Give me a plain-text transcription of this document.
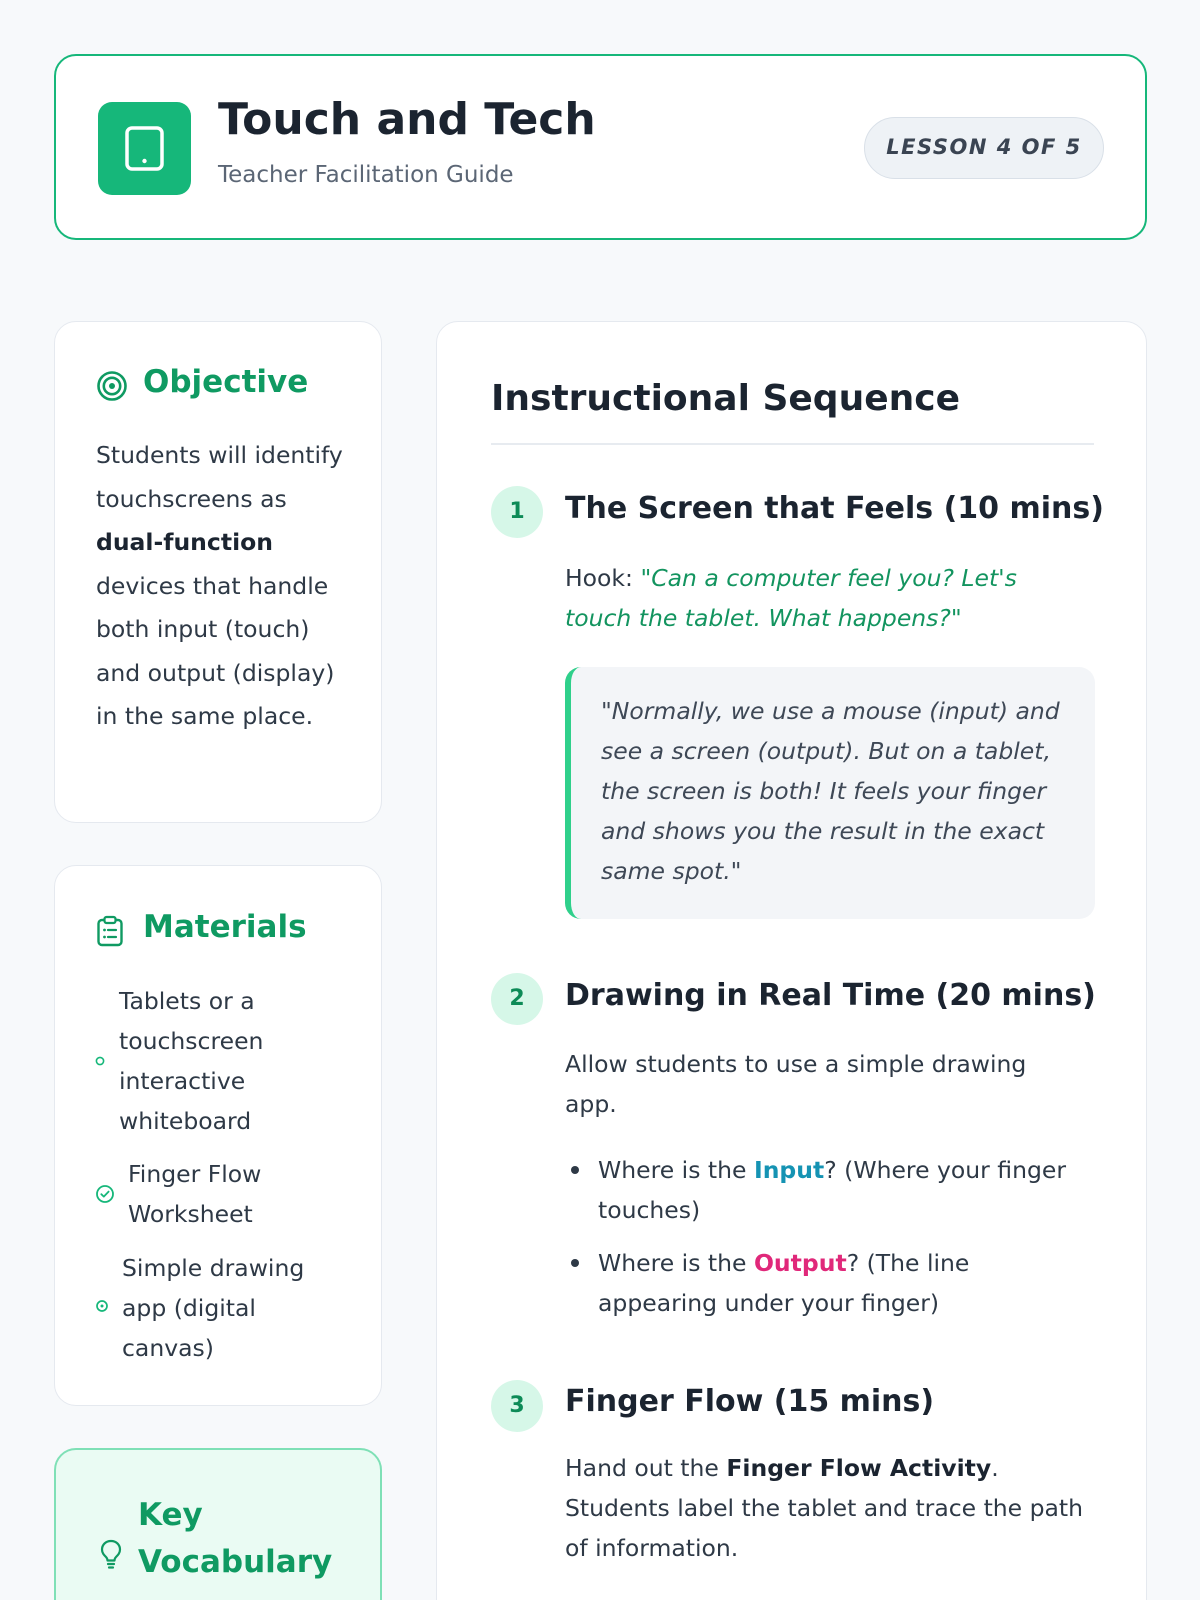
Touch and Tech
Teacher Facilitation Guide
LESSON 4 OF 5
Objective
Students will identify touchscreens as dual-function devices that handle both input (touch) and output (display) in the same place.
Materials
Tablets or a touchscreen interactive whiteboard
Finger Flow Worksheet
Simple drawing app (digital canvas)
Key Vocabulary
Instructional Sequence
1	The Screen that Feels (10 mins)
Hook: "Can a computer feel you? Let's touch the tablet. What happens?"
"Normally, we use a mouse (input) and see a screen (output). But on a tablet, the screen is both! It feels your finger and shows you the result in the exact same spot."
2	Drawing in Real Time (20 mins)
Allow students to use a simple drawing app.
Where is the Input? (Where your finger touches)
Where is the Output? (The line appearing under your finger)
3	Finger Flow (15 mins)
Hand out the Finger Flow Activity. Students label the tablet and trace the path of information.
